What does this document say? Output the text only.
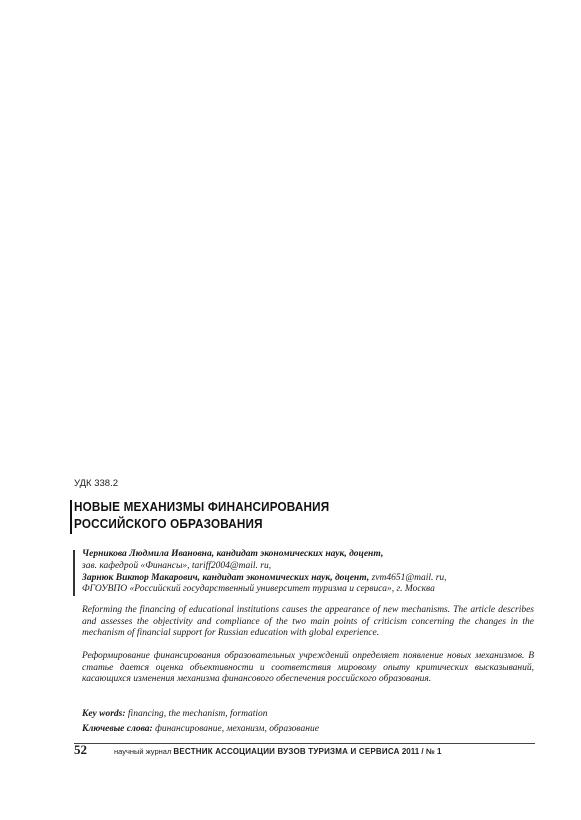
УДК 338.2
НОВЫЕ МЕХАНИЗМЫ ФИНАНСИРОВАНИЯ
РОССИЙСКОГО ОБРАЗОВАНИЯ
Черникова Людмила Ивановна, кандидат экономических наук, доцент,
зав. кафедрой «Финансы», tariff2004@mail. ru,
Зарнюк Виктор Макарович, кандидат экономических наук, доцент, zvm4651@mail. ru,
ФГОУВПО «Российский государственный университет туризма и сервиса», г. Москва
Reforming the financing of educational institutions causes the appearance of new mechanisms. The article describes and assesses the objectivity and compliance of the two main points of criticism concerning the changes in the mechanism of financial support for Russian education with global experience.
Реформирование финансирования образовательных учреждений определяет появление новых механизмов. В статье дается оценка объективности и соответствия мировому опыту критических высказываний, касающихся изменения механизма финансового обеспечения российского образования.
Key words: financing, the mechanism, formation
Ключевые слова: финансирование, механизм, образование
52	научный журнал ВЕСТНИК АССОЦИАЦИИ ВУЗОВ ТУРИЗМА И СЕРВИСА 2011 / № 1
